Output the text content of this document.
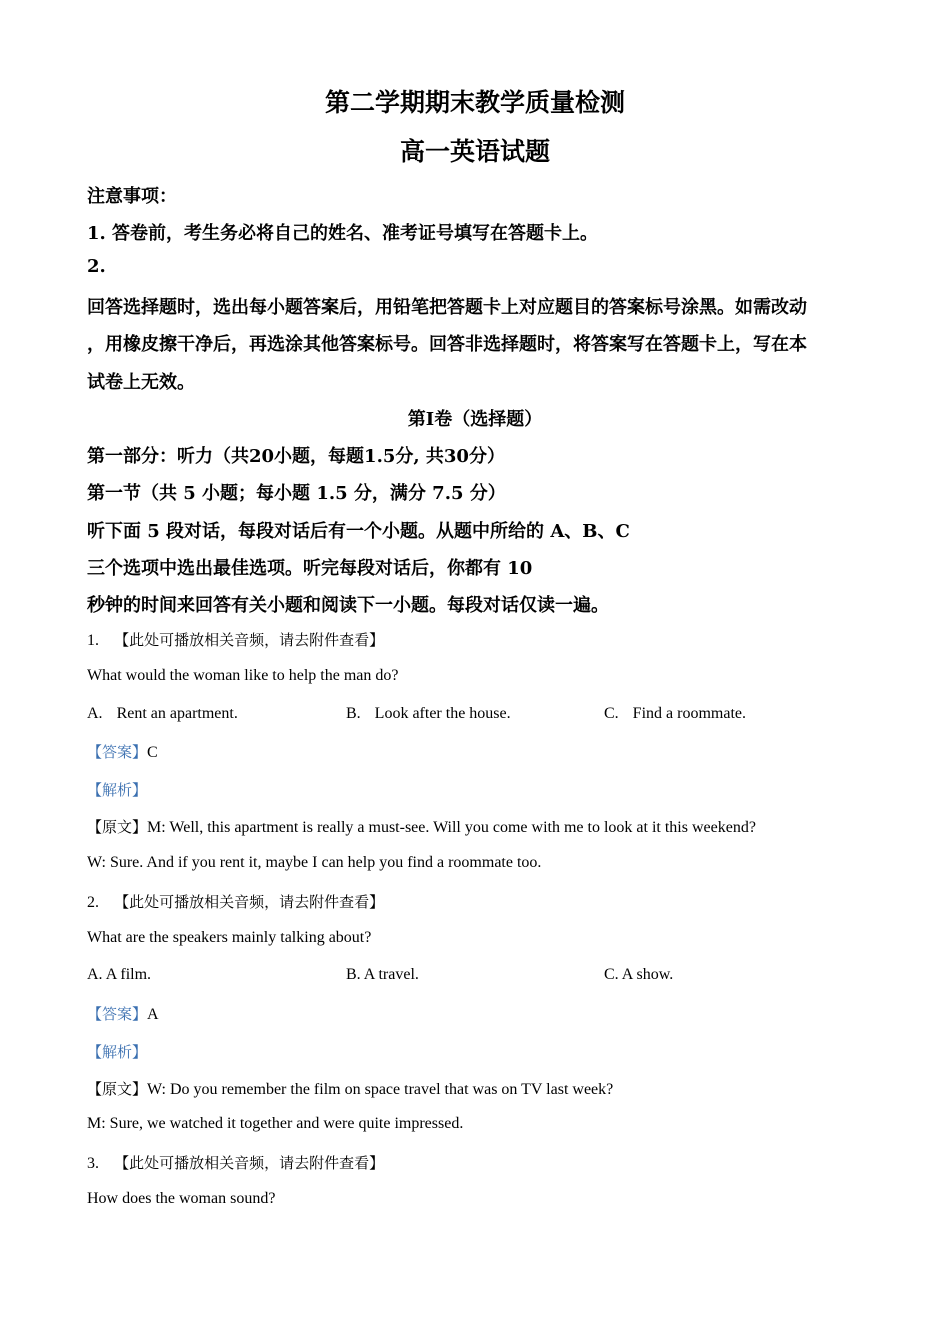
第二学期期末教学质量检测
高一英语试题
注意事项：
1. 答卷前，考生务必将自己的姓名、准考证号填写在答题卡上。
2.
回答选择题时，选出每小题答案后，用铅笔把答题卡上对应题目的答案标号涂黑。如需改动
，用橡皮擦干净后，再选涂其他答案标号。回答非选择题时，将答案写在答题卡上，写在本
试卷上无效。
第I卷（选择题）
第一部分：听力（共20小题，每题1.5分, 共30分）
第一节（共 5 小题；每小题 1.5 分，满分 7.5 分）
听下面 5 段对话，每段对话后有一个小题。从题中所给的 A、B、C
三个选项中选出最佳选项。听完每段对话后，你都有 10
秒钟的时间来回答有关小题和阅读下一小题。每段对话仅读一遍。
1. 【此处可播放相关音频，请去附件查看】
What would the woman like to help the man do?
A. Rent an apartment.	B. Look after the house.	C. Find a roommate.
【答案】C
【解析】
【原文】M: Well, this apartment is really a must-see. Will you come with me to look at it this weekend?
W: Sure. And if you rent it, maybe I can help you find a roommate too.
2. 【此处可播放相关音频，请去附件查看】
What are the speakers mainly talking about?
A. A film.	B. A travel.	C. A show.
【答案】A
【解析】
【原文】W: Do you remember the film on space travel that was on TV last week?
M: Sure, we watched it together and were quite impressed.
3. 【此处可播放相关音频，请去附件查看】
How does the woman sound?
